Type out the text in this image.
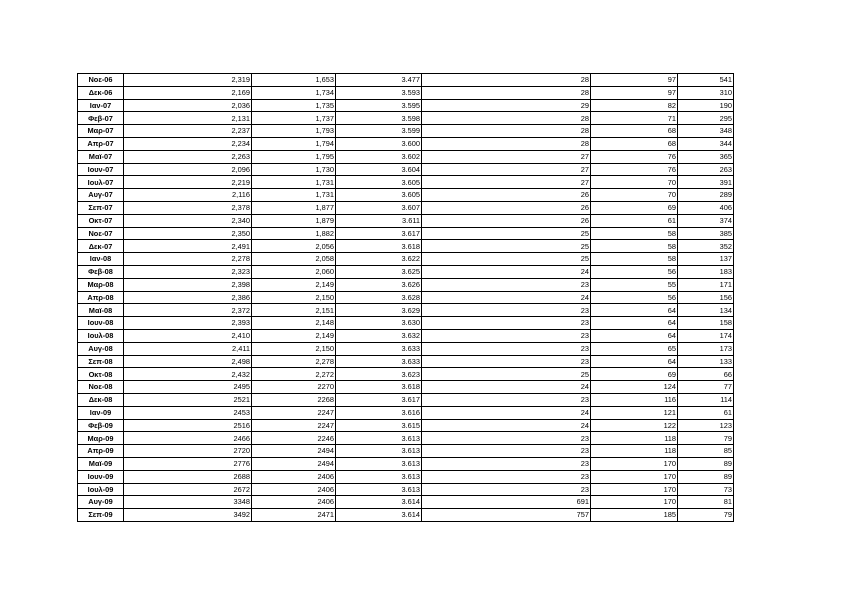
Νοε-06	2,319	1,653	3.477	28	97	541
Δεκ-06	2,169	1,734	3.593	28	97	310
Ιαν-07	2,036	1,735	3.595	29	82	190
Φεβ-07	2,131	1,737	3.598	28	71	295
Μαρ-07	2,237	1,793	3.599	28	68	348
Απρ-07	2,234	1,794	3.600	28	68	344
Μαϊ-07	2,263	1,795	3.602	27	76	365
Ιουν-07	2,096	1,730	3.604	27	76	263
Ιουλ-07	2,219	1,731	3.605	27	70	391
Αυγ-07	2,116	1,731	3.605	26	70	289
Σεπ-07	2,378	1,877	3.607	26	69	406
Οκτ-07	2,340	1,879	3.611	26	61	374
Νοε-07	2,350	1,882	3.617	25	58	385
Δεκ-07	2,491	2,056	3.618	25	58	352
Ιαν-08	2,278	2,058	3.622	25	58	137
Φεβ-08	2,323	2,060	3.625	24	56	183
Μαρ-08	2,398	2,149	3.626	23	55	171
Απρ-08	2,386	2,150	3.628	24	56	156
Μαϊ-08	2,372	2,151	3.629	23	64	134
Ιουν-08	2,393	2,148	3.630	23	64	158
Ιουλ-08	2,410	2,149	3.632	23	64	174
Αυγ-08	2,411	2,150	3.633	23	65	173
Σεπ-08	2,498	2,278	3.633	23	64	133
Οκτ-08	2,432	2,272	3.623	25	69	66
Νοε-08	2495	2270	3.618	24	124	77
Δεκ-08	2521	2268	3.617	23	116	114
Ιαν-09	2453	2247	3.616	24	121	61
Φεβ-09	2516	2247	3.615	24	122	123
Μαρ-09	2466	2246	3.613	23	118	79
Απρ-09	2720	2494	3.613	23	118	85
Μαϊ-09	2776	2494	3.613	23	170	89
Ιουν-09	2688	2406	3.613	23	170	89
Ιουλ-09	2672	2406	3.613	23	170	73
Αυγ-09	3348	2406	3.614	691	170	81
Σεπ-09	3492	2471	3.614	757	185	79
